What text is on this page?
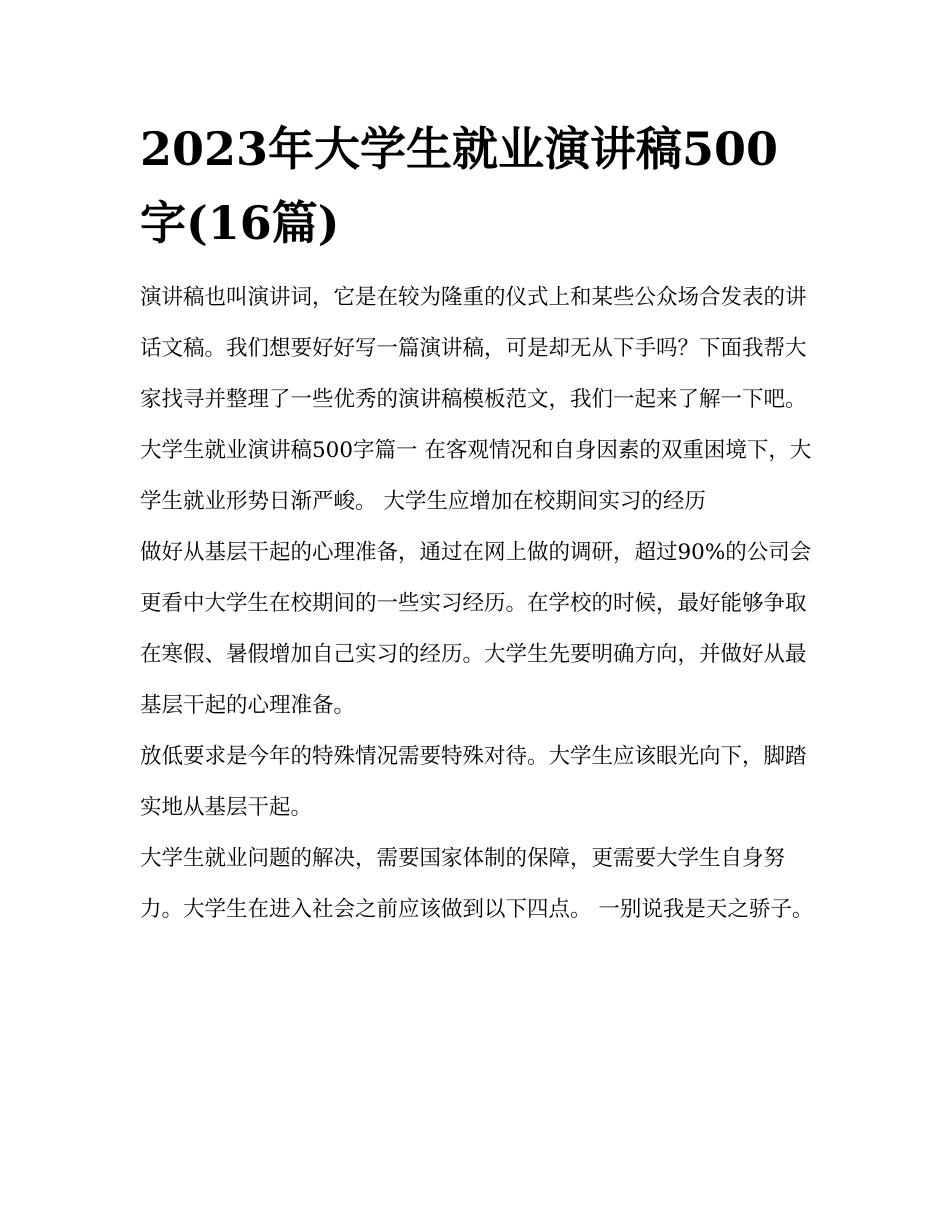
2023年大学生就业演讲稿500字(16篇)

演讲稿也叫演讲词，它是在较为隆重的仪式上和某些公众场合发表的讲话文稿。我们想要好好写一篇演讲稿，可是却无从下手吗？下面我帮大家找寻并整理了一些优秀的演讲稿模板范文，我们一起来了解一下吧。

大学生就业演讲稿500字篇一 在客观情况和自身因素的双重困境下，大学生就业形势日渐严峻。 大学生应增加在校期间实习的经历

做好从基层干起的心理准备，通过在网上做的调研，超过90%的公司会更看中大学生在校期间的一些实习经历。在学校的时候，最好能够争取在寒假、暑假增加自己实习的经历。大学生先要明确方向，并做好从最基层干起的心理准备。

放低要求是今年的特殊情况需要特殊对待。大学生应该眼光向下，脚踏实地从基层干起。

大学生就业问题的解决，需要国家体制的保障，更需要大学生自身努力。大学生在进入社会之前应该做到以下四点。 一别说我是天之骄子。
